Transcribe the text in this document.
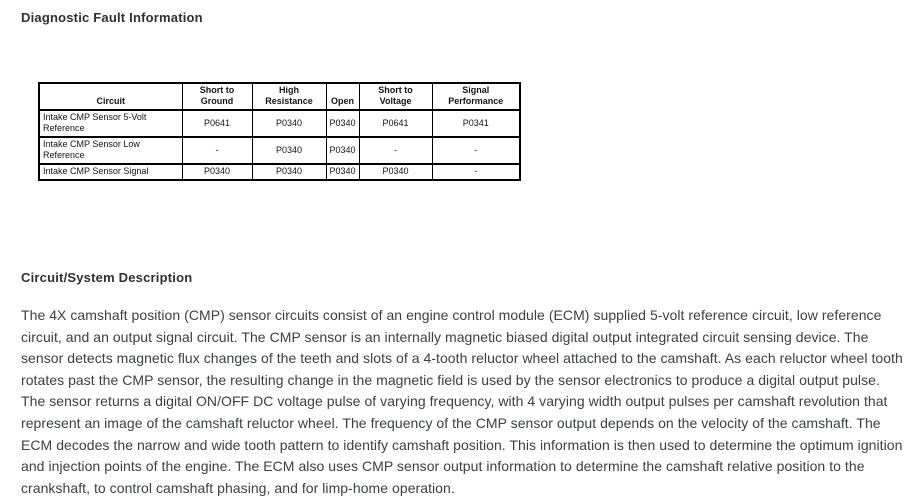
Diagnostic Fault Information
Circuit	Short to Ground	High Resistance	Open	Short to Voltage	Signal Performance
Intake CMP Sensor 5-Volt Reference	P0641	P0340	P0340	P0641	P0341
Intake CMP Sensor Low Reference	-	P0340	P0340	-	-
Intake CMP Sensor Signal	P0340	P0340	P0340	P0340	-
Circuit/System Description

The 4X camshaft position (CMP) sensor circuits consist of an engine control module (ECM) supplied 5-volt reference circuit, low reference circuit, and an output signal circuit. The CMP sensor is an internally magnetic biased digital output integrated circuit sensing device. The sensor detects magnetic flux changes of the teeth and slots of a 4-tooth reluctor wheel attached to the camshaft. As each reluctor wheel tooth rotates past the CMP sensor, the resulting change in the magnetic field is used by the sensor electronics to produce a digital output pulse. The sensor returns a digital ON/OFF DC voltage pulse of varying frequency, with 4 varying width output pulses per camshaft revolution that represent an image of the camshaft reluctor wheel. The frequency of the CMP sensor output depends on the velocity of the camshaft. The ECM decodes the narrow and wide tooth pattern to identify camshaft position. This information is then used to determine the optimum ignition and injection points of the engine. The ECM also uses CMP sensor output information to determine the camshaft relative position to the crankshaft, to control camshaft phasing, and for limp-home operation.
